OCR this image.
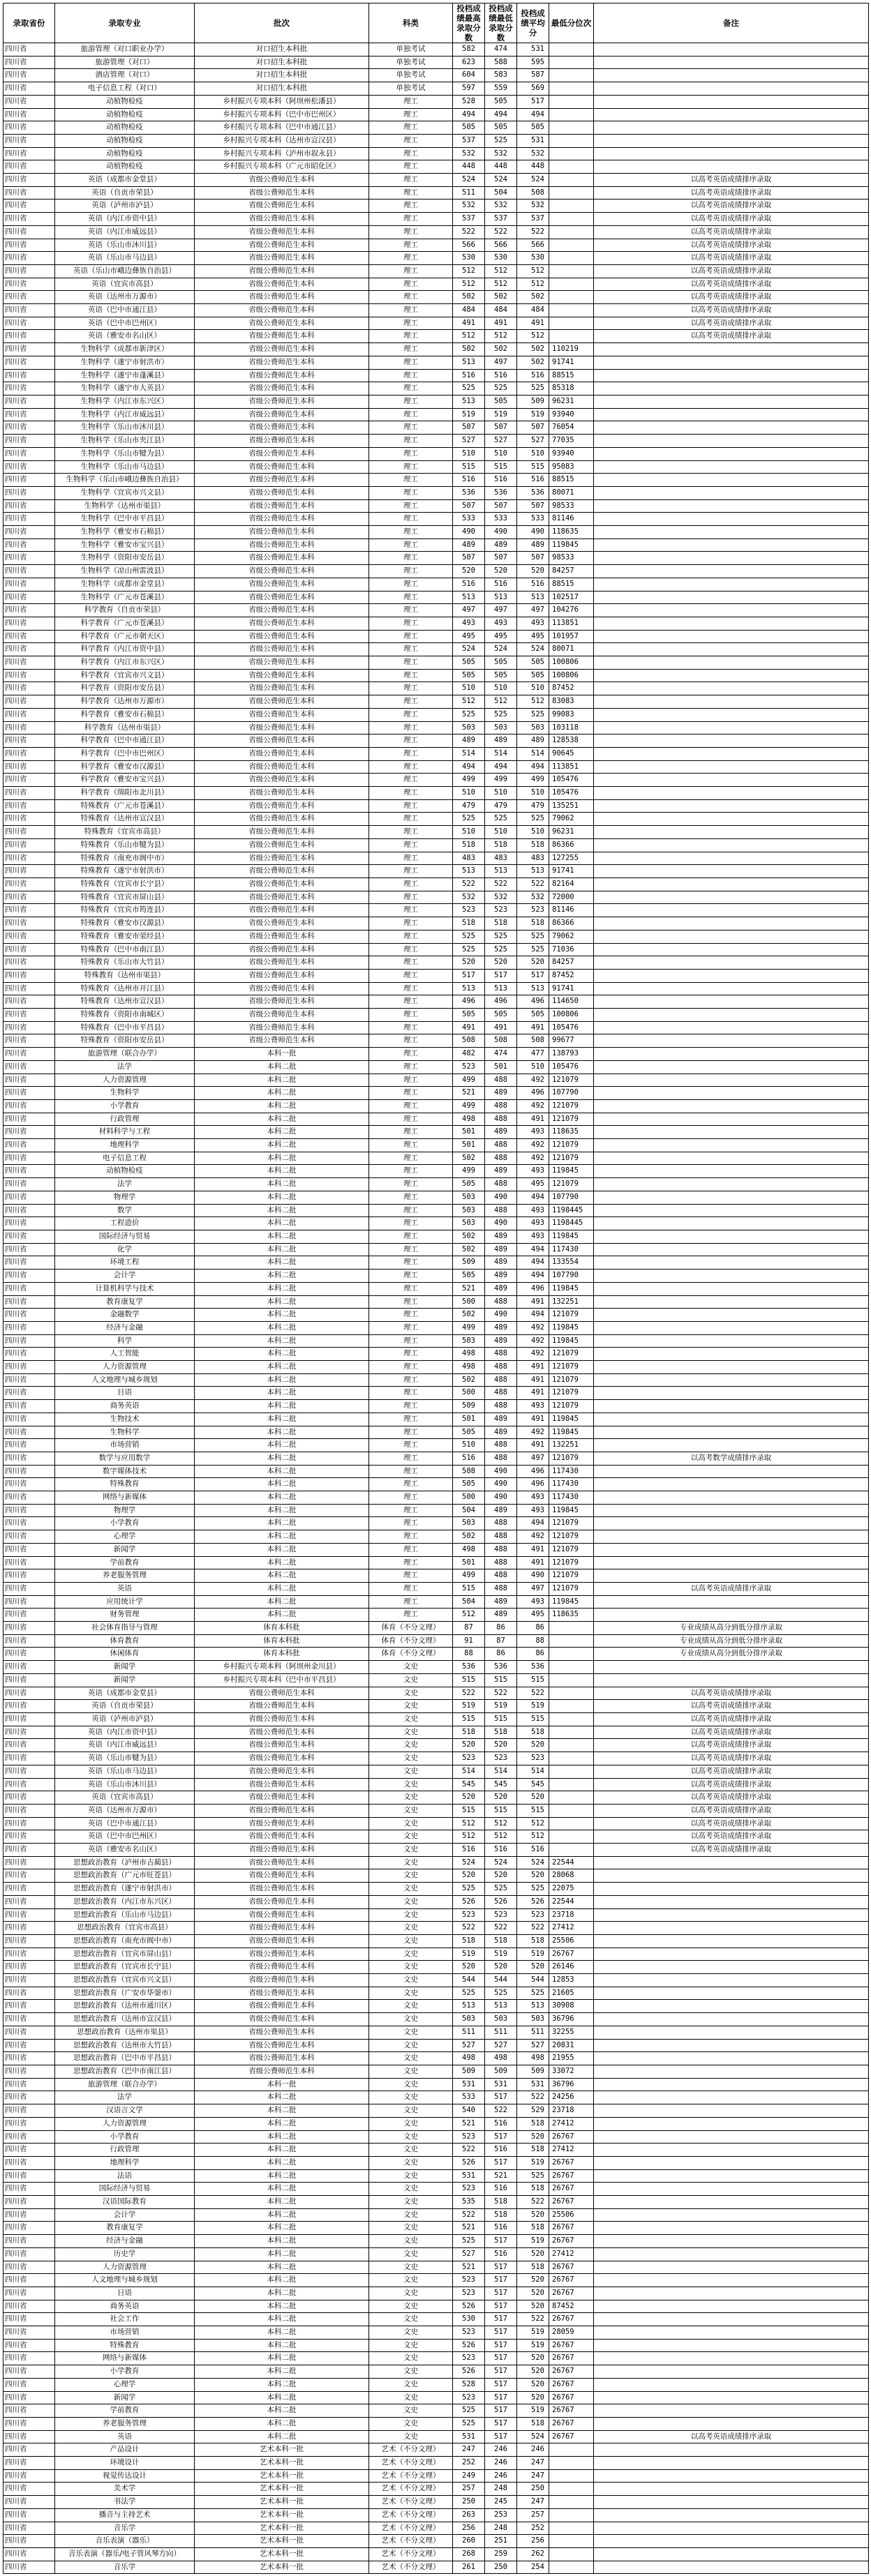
录取省份	录取专业	批次	科类	投档成绩最高录取分数	投档成绩最低录取分数	投档成绩平均分	最低分位次	备注
四川省	旅游管理（对口职业办学）	对口招生本科批	单独考试	582	474	531		
四川省	旅游管理（对口）	对口招生本科批	单独考试	623	588	595		
四川省	酒店管理（对口）	对口招生本科批	单独考试	604	583	587		
四川省	电子信息工程（对口）	对口招生本科批	单独考试	597	559	569		
四川省	动植物检疫	乡村振兴专项本科（阿坝州松潘县）	理工	528	505	517		
四川省	动植物检疫	乡村振兴专项本科（巴中市巴州区）	理工	494	494	494		
四川省	动植物检疫	乡村振兴专项本科（巴中市通江县）	理工	505	505	505		
四川省	动植物检疫	乡村振兴专项本科（达州市宣汉县）	理工	537	525	531		
四川省	动植物检疫	乡村振兴专项本科（泸州市叙永县）	理工	532	532	532		
四川省	动植物检疫	乡村振兴专项本科（广元市昭化区）	理工	448	448	448		
四川省	英语（成都市金堂县）	省级公费师范生本科	理工	524	524	524		以高考英语成绩排序录取
四川省	英语（自贡市荣县）	省级公费师范生本科	理工	511	504	508		以高考英语成绩排序录取
四川省	英语（泸州市泸县）	省级公费师范生本科	理工	532	532	532		以高考英语成绩排序录取
四川省	英语（内江市资中县）	省级公费师范生本科	理工	537	537	537		以高考英语成绩排序录取
四川省	英语（内江市威远县）	省级公费师范生本科	理工	522	522	522		以高考英语成绩排序录取
四川省	英语（乐山市沐川县）	省级公费师范生本科	理工	566	566	566		以高考英语成绩排序录取
四川省	英语（乐山市马边县）	省级公费师范生本科	理工	530	530	530		以高考英语成绩排序录取
四川省	英语（乐山市峨边彝族自治县）	省级公费师范生本科	理工	512	512	512		以高考英语成绩排序录取
四川省	英语（宜宾市高县）	省级公费师范生本科	理工	512	512	512		以高考英语成绩排序录取
四川省	英语（达州市万源市）	省级公费师范生本科	理工	502	502	502		以高考英语成绩排序录取
四川省	英语（巴中市通江县）	省级公费师范生本科	理工	484	484	484		以高考英语成绩排序录取
四川省	英语（巴中市巴州区）	省级公费师范生本科	理工	491	491	491		以高考英语成绩排序录取
四川省	英语（雅安市名山区）	省级公费师范生本科	理工	512	512	512		以高考英语成绩排序录取
四川省	生物科学（成都市新津区）	省级公费师范生本科	理工	502	502	502	110219	
四川省	生物科学（遂宁市射洪市）	省级公费师范生本科	理工	513	497	502	91741	
四川省	生物科学（遂宁市蓬溪县）	省级公费师范生本科	理工	516	516	516	88515	
四川省	生物科学（遂宁市大英县）	省级公费师范生本科	理工	525	525	525	85318	
四川省	生物科学（内江市东兴区）	省级公费师范生本科	理工	513	505	509	96231	
四川省	生物科学（内江市威远县）	省级公费师范生本科	理工	519	519	519	93940	
四川省	生物科学（乐山市沐川县）	省级公费师范生本科	理工	507	507	507	76054	
四川省	生物科学（乐山市夹江县）	省级公费师范生本科	理工	527	527	527	77035	
四川省	生物科学（乐山市犍为县）	省级公费师范生本科	理工	510	510	510	93940	
四川省	生物科学（乐山市马边县）	省级公费师范生本科	理工	515	515	515	95083	
四川省	生物科学（乐山市峨边彝族自治县）	省级公费师范生本科	理工	516	516	516	88515	
四川省	生物科学（宜宾市兴文县）	省级公费师范生本科	理工	536	536	536	80071	
四川省	生物科学（达州市渠县）	省级公费师范生本科	理工	507	507	507	98533	
四川省	生物科学（巴中市平昌县）	省级公费师范生本科	理工	533	533	533	81146	
四川省	生物科学（雅安市石棉县）	省级公费师范生本科	理工	490	490	490	118635	
四川省	生物科学（雅安市宝兴县）	省级公费师范生本科	理工	489	489	489	119845	
四川省	生物科学（资阳市安岳县）	省级公费师范生本科	理工	507	507	507	98533	
四川省	生物科学（凉山州雷波县）	省级公费师范生本科	理工	520	520	520	84257	
四川省	生物科学（成都市金堂县）	省级公费师范生本科	理工	516	516	516	88515	
四川省	生物科学（广元市苍溪县）	省级公费师范生本科	理工	513	513	513	102517	
四川省	科学教育（自贡市荣县）	省级公费师范生本科	理工	497	497	497	104276	
四川省	科学教育（广元市苍溪县）	省级公费师范生本科	理工	493	493	493	113851	
四川省	科学教育（广元市朝天区）	省级公费师范生本科	理工	495	495	495	101957	
四川省	科学教育（内江市资中县）	省级公费师范生本科	理工	524	524	524	80071	
四川省	科学教育（内江市东兴区）	省级公费师范生本科	理工	505	505	505	100806	
四川省	科学教育（宜宾市兴文县）	省级公费师范生本科	理工	505	505	505	100806	
四川省	科学教育（资阳市安岳县）	省级公费师范生本科	理工	510	510	510	87452	
四川省	科学教育（达州市万源市）	省级公费师范生本科	理工	512	512	512	83083	
四川省	科学教育（雅安市石棉县）	省级公费师范生本科	理工	525	525	525	99083	
四川省	科学教育（达州市渠县）	省级公费师范生本科	理工	503	503	503	103118	
四川省	科学教育（巴中市通江县）	省级公费师范生本科	理工	489	489	489	128538	
四川省	科学教育（巴中市巴州区）	省级公费师范生本科	理工	514	514	514	90645	
四川省	科学教育（雅安市汉源县）	省级公费师范生本科	理工	494	494	494	113851	
四川省	科学教育（雅安市宝兴县）	省级公费师范生本科	理工	499	499	499	105476	
四川省	科学教育（绵阳市北川县）	省级公费师范生本科	理工	510	510	510	105476	
四川省	特殊教育（广元市苍溪县）	省级公费师范生本科	理工	479	479	479	135251	
四川省	特殊教育（达州市宣汉县）	省级公费师范生本科	理工	525	525	525	79062	
四川省	特殊教育（宜宾市高县）	省级公费师范生本科	理工	510	510	510	96231	
四川省	特殊教育（乐山市犍为县）	省级公费师范生本科	理工	518	518	518	86366	
四川省	特殊教育（南充市阆中市）	省级公费师范生本科	理工	483	483	483	127255	
四川省	特殊教育（遂宁市射洪市）	省级公费师范生本科	理工	513	513	513	91741	
四川省	特殊教育（宜宾市长宁县）	省级公费师范生本科	理工	522	522	522	82164	
四川省	特殊教育（宜宾市屏山县）	省级公费师范生本科	理工	532	532	532	72000	
四川省	特殊教育（宜宾市筠连县）	省级公费师范生本科	理工	523	523	523	81146	
四川省	特殊教育（雅安市汉源县）	省级公费师范生本科	理工	518	518	518	86366	
四川省	特殊教育（雅安市荥经县）	省级公费师范生本科	理工	525	525	525	79062	
四川省	特殊教育（巴中市南江县）	省级公费师范生本科	理工	525	525	525	71036	
四川省	特殊教育（乐山市大竹县）	省级公费师范生本科	理工	520	520	520	84257	
四川省	特殊教育（达州市渠县）	省级公费师范生本科	理工	517	517	517	87452	
四川省	特殊教育（达州市开江县）	省级公费师范生本科	理工	513	513	513	91741	
四川省	特殊教育（达州市宣汉县）	省级公费师范生本科	理工	496	496	496	114650	
四川省	特殊教育（资阳市南城区）	省级公费师范生本科	理工	505	505	505	100806	
四川省	特殊教育（巴中市平昌县）	省级公费师范生本科	理工	491	491	491	105476	
四川省	特殊教育（资阳市安岳县）	省级公费师范生本科	理工	508	508	508	99677	
四川省	旅游管理（联合办学）	本科一批	理工	482	474	477	138793	
四川省	法学	本科二批	理工	523	501	510	105476	
四川省	人力资源管理	本科二批	理工	499	488	492	121079	
四川省	生物科学	本科二批	理工	521	489	496	107790	
四川省	小学教育	本科二批	理工	499	488	492	121079	
四川省	行政管理	本科二批	理工	498	488	491	121079	
四川省	材料科学与工程	本科二批	理工	501	489	493	118635	
四川省	地理科学	本科二批	理工	501	488	492	121079	
四川省	电子信息工程	本科二批	理工	502	488	492	121079	
四川省	动植物检疫	本科二批	理工	499	489	493	119845	
四川省	法学	本科二批	理工	505	488	495	121079	
四川省	物理学	本科二批	理工	503	490	494	107790	
四川省	数学	本科二批	理工	503	488	493	1198445	
四川省	工程造价	本科二批	理工	503	490	493	1198445	
四川省	国际经济与贸易	本科二批	理工	502	489	493	119845	
四川省	化学	本科二批	理工	502	489	494	117430	
四川省	环境工程	本科二批	理工	509	489	494	133554	
四川省	会计学	本科二批	理工	505	489	494	107790	
四川省	计算机科学与技术	本科二批	理工	521	489	496	119845	
四川省	教育康复学	本科二批	理工	500	488	491	132251	
四川省	金融数学	本科二批	理工	502	490	494	121079	
四川省	经济与金融	本科二批	理工	499	489	492	119845	
四川省	科学	本科二批	理工	503	489	492	119845	
四川省	人工智能	本科二批	理工	498	488	492	121079	
四川省	人力资源管理	本科二批	理工	498	488	491	121079	
四川省	人文地理与城乡规划	本科二批	理工	502	488	491	121079	
四川省	日语	本科二批	理工	500	488	491	121079	
四川省	商务英语	本科二批	理工	509	488	493	121079	
四川省	生物技术	本科二批	理工	501	489	491	119845	
四川省	生物科学	本科二批	理工	505	489	492	119845	
四川省	市场营销	本科二批	理工	510	488	491	132251	
四川省	数学与应用数学	本科二批	理工	516	488	497	121079	以高考数学成绩排序录取
四川省	数字媒体技术	本科二批	理工	508	490	496	117430	
四川省	特殊教育	本科二批	理工	505	490	496	117430	
四川省	网络与新媒体	本科二批	理工	500	490	493	117430	
四川省	物理学	本科二批	理工	504	489	493	119845	
四川省	小学教育	本科二批	理工	503	488	494	121079	
四川省	心理学	本科二批	理工	502	488	492	121079	
四川省	新闻学	本科二批	理工	498	488	491	121079	
四川省	学前教育	本科二批	理工	501	488	491	121079	
四川省	养老服务管理	本科二批	理工	499	488	490	121079	
四川省	英语	本科二批	理工	515	488	497	121079	以高考英语成绩排序录取
四川省	应用统计学	本科二批	理工	504	489	493	119845	
四川省	财务管理	本科二批	理工	512	489	495	118635	
四川省	社会体育指导与管理	体育本科批	体育（不分文理）	87	86	86		专业成绩从高分到低分排序录取
四川省	体育教育	体育本科批	体育（不分文理）	91	87	88		专业成绩从高分到低分排序录取
四川省	休闲体育	体育本科批	体育（不分文理）	88	86	86		专业成绩从高分到低分排序录取
四川省	新闻学	乡村振兴专项本科（阿坝州金川县）	文史	536	536	536		
四川省	新闻学	乡村振兴专项本科（巴中市平昌县）	文史	515	515	515		
四川省	英语（成都市金堂县）	省级公费师范生本科	文史	522	522	522		以高考英语成绩排序录取
四川省	英语（自贡市荣县）	省级公费师范生本科	文史	519	519	519		以高考英语成绩排序录取
四川省	英语（泸州市泸县）	省级公费师范生本科	文史	515	515	515		以高考英语成绩排序录取
四川省	英语（内江市资中县）	省级公费师范生本科	文史	518	518	518		以高考英语成绩排序录取
四川省	英语（内江市威远县）	省级公费师范生本科	文史	520	520	520		以高考英语成绩排序录取
四川省	英语（乐山市犍为县）	省级公费师范生本科	文史	523	523	523		以高考英语成绩排序录取
四川省	英语（乐山市马边县）	省级公费师范生本科	文史	514	514	514		以高考英语成绩排序录取
四川省	英语（乐山市沐川县）	省级公费师范生本科	文史	545	545	545		以高考英语成绩排序录取
四川省	英语（宜宾市高县）	省级公费师范生本科	文史	520	520	520		以高考英语成绩排序录取
四川省	英语（达州市万源市）	省级公费师范生本科	文史	515	515	515		以高考英语成绩排序录取
四川省	英语（巴中市通江县）	省级公费师范生本科	文史	512	512	512		以高考英语成绩排序录取
四川省	英语（巴中市巴州区）	省级公费师范生本科	文史	512	512	512		以高考英语成绩排序录取
四川省	英语（雅安市名山区）	省级公费师范生本科	文史	516	516	516		以高考英语成绩排序录取
四川省	思想政治教育（泸州市古蔺县）	省级公费师范生本科	文史	524	524	524	22544	
四川省	思想政治教育（广元市旺苍县）	省级公费师范生本科	文史	520	520	520	28068	
四川省	思想政治教育（遂宁市射洪市）	省级公费师范生本科	文史	525	525	525	22075	
四川省	思想政治教育（内江市东兴区）	省级公费师范生本科	文史	526	526	526	22544	
四川省	思想政治教育（乐山市马边县）	省级公费师范生本科	文史	523	523	523	23718	
四川省	思想政治教育（宜宾市高县）	省级公费师范生本科	文史	522	522	522	27412	
四川省	思想政治教育（南充市阆中市）	省级公费师范生本科	文史	518	518	518	25506	
四川省	思想政治教育（宜宾市屏山县）	省级公费师范生本科	文史	519	519	519	26767	
四川省	思想政治教育（宜宾市长宁县）	省级公费师范生本科	文史	520	520	520	26146	
四川省	思想政治教育（宜宾市兴文县）	省级公费师范生本科	文史	544	544	544	12853	
四川省	思想政治教育（广安市华蓥市）	省级公费师范生本科	文史	525	525	525	21605	
四川省	思想政治教育（达州市通川区）	省级公费师范生本科	文史	513	513	513	30908	
四川省	思想政治教育（达州市宣汉县）	省级公费师范生本科	文史	503	503	503	36796	
四川省	思想政治教育（达州市渠县）	省级公费师范生本科	文史	511	511	511	32255	
四川省	思想政治教育（达州市大竹县）	省级公费师范生本科	文史	527	527	527	20831	
四川省	思想政治教育（巴中市平昌县）	省级公费师范生本科	文史	498	498	498	21955	
四川省	思想政治教育（巴中市南江县）	省级公费师范生本科	文史	509	509	509	33072	
四川省	旅游管理（联合办学）	本科一批	文史	531	531	531	36796	
四川省	法学	本科二批	文史	533	517	522	24256	
四川省	汉语言文学	本科二批	文史	540	522	529	23718	
四川省	人力资源管理	本科二批	文史	521	516	518	27412	
四川省	小学教育	本科二批	文史	523	517	520	26767	
四川省	行政管理	本科二批	文史	522	516	518	27412	
四川省	地理科学	本科二批	文史	526	517	519	26767	
四川省	法语	本科二批	文史	531	521	525	26767	
四川省	国际经济与贸易	本科二批	文史	523	516	518	26767	
四川省	汉语国际教育	本科二批	文史	535	518	522	26767	
四川省	会计学	本科二批	文史	522	518	520	25506	
四川省	教育康复学	本科二批	文史	521	516	518	26767	
四川省	经济与金融	本科二批	文史	525	517	519	26767	
四川省	历史学	本科二批	文史	527	516	520	27412	
四川省	人力资源管理	本科二批	文史	521	517	518	26767	
四川省	人文地理与城乡规划	本科二批	文史	523	517	520	26767	
四川省	日语	本科二批	文史	523	517	520	26767	
四川省	商务英语	本科二批	文史	526	517	520	87452	
四川省	社会工作	本科二批	文史	530	517	522	26767	
四川省	市场营销	本科二批	文史	523	517	519	28059	
四川省	特殊教育	本科二批	文史	526	517	519	26767	
四川省	网络与新媒体	本科二批	文史	523	517	520	26767	
四川省	小学教育	本科二批	文史	526	517	520	26767	
四川省	心理学	本科二批	文史	528	517	520	26767	
四川省	新闻学	本科二批	文史	523	517	520	26767	
四川省	学前教育	本科二批	文史	525	517	519	26767	
四川省	养老服务管理	本科二批	文史	525	517	518	26767	
四川省	英语	本科二批	文史	531	517	524	26767	以高考英语成绩排序录取
四川省	产品设计	艺术本科一批	艺术（不分文理）	247	246	246		
四川省	环境设计	艺术本科一批	艺术（不分文理）	252	246	247		
四川省	视觉传达设计	艺术本科一批	艺术（不分文理）	249	246	247		
四川省	美术学	艺术本科一批	艺术（不分文理）	257	248	250		
四川省	书法学	艺术本科一批	艺术（不分文理）	250	245	247		
四川省	播音与主持艺术	艺术本科一批	艺术（不分文理）	263	253	257		
四川省	音乐学	艺术本科一批	艺术（不分文理）	256	248	252		
四川省	音乐表演（器乐）	艺术本科一批	艺术（不分文理）	260	251	256		
四川省	音乐表演（器乐/电子管风琴方向）	艺术本科一批	艺术（不分文理）	268	259	262		
四川省	音乐学	艺术本科一批	艺术（不分文理）	261	250	254		
